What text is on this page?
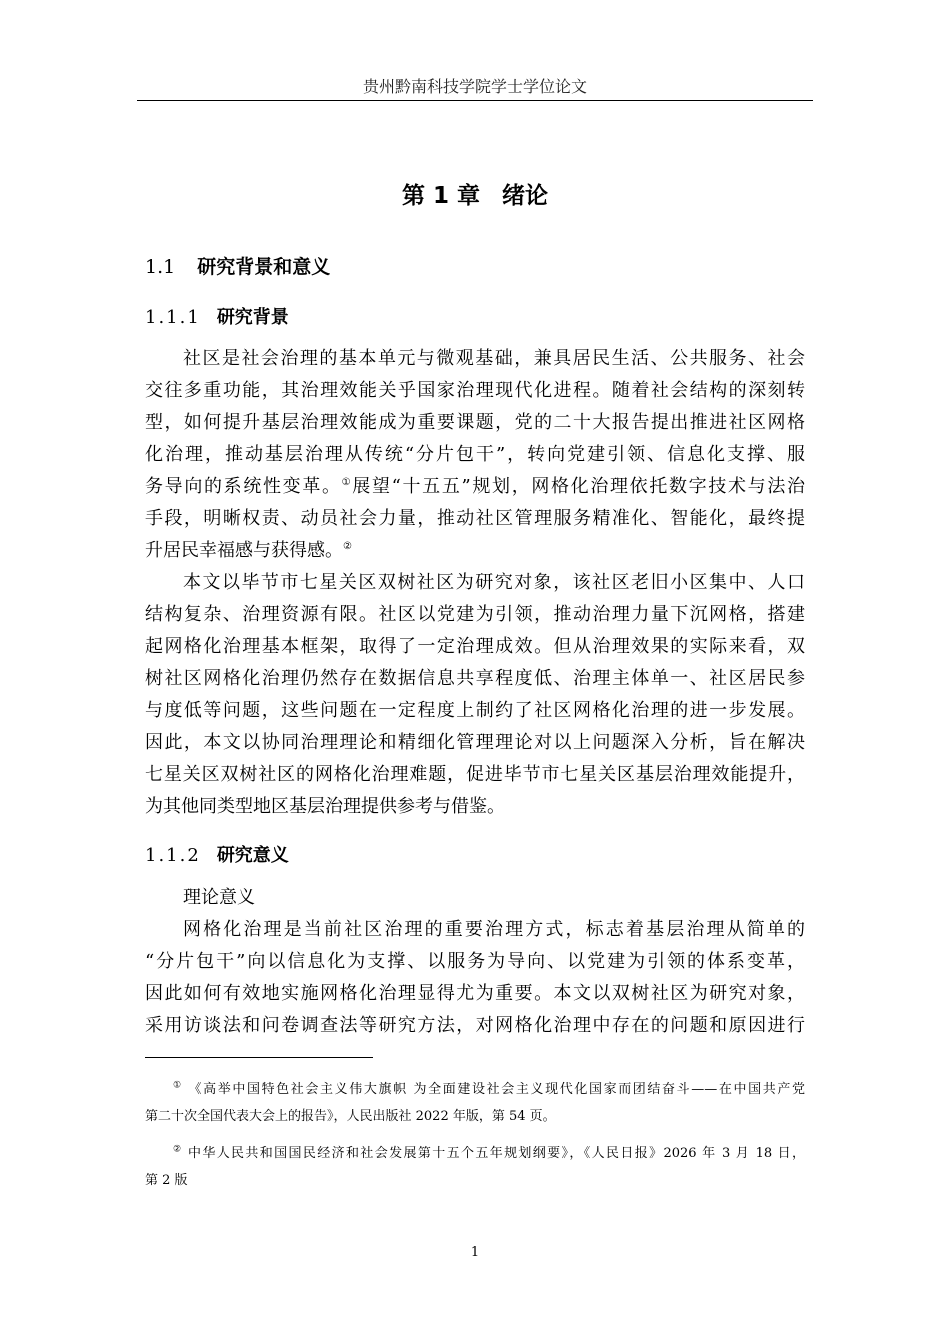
贵州黔南科技学院学士学位论文
第 1 章 绪论
1.1 研究背景和意义
1.1.1 研究背景
社区是社会治理的基本单元与微观基础，兼具居民生活、公共服务、社会
交往多重功能，其治理效能关乎国家治理现代化进程。随着社会结构的深刻转
型，如何提升基层治理效能成为重要课题，党的二十大报告提出推进社区网格
化治理，推动基层治理从传统“分片包干”，转向党建引领、信息化支撑、服
务导向的系统性变革。①展望“十五五”规划，网格化治理依托数字技术与法治
手段，明晰权责、动员社会力量，推动社区管理服务精准化、智能化，最终提
升居民幸福感与获得感。②
本文以毕节市七星关区双树社区为研究对象，该社区老旧小区集中、人口
结构复杂、治理资源有限。社区以党建为引领，推动治理力量下沉网格，搭建
起网格化治理基本框架，取得了一定治理成效。但从治理效果的实际来看，双
树社区网格化治理仍然存在数据信息共享程度低、治理主体单一、社区居民参
与度低等问题，这些问题在一定程度上制约了社区网格化治理的进一步发展。
因此，本文以协同治理理论和精细化管理理论对以上问题深入分析，旨在解决
七星关区双树社区的网格化治理难题，促进毕节市七星关区基层治理效能提升，
为其他同类型地区基层治理提供参考与借鉴。
1.1.2 研究意义
理论意义
网格化治理是当前社区治理的重要治理方式，标志着基层治理从简单的
“分片包干”向以信息化为支撑、以服务为导向、以党建为引领的体系变革，
因此如何有效地实施网格化治理显得尤为重要。本文以双树社区为研究对象，
采用访谈法和问卷调查法等研究方法，对网格化治理中存在的问题和原因进行
① 《高举中国特色社会主义伟大旗帜 为全面建设社会主义现代化国家而团结奋斗——在中国共产党
第二十次全国代表大会上的报告》，人民出版社 2022 年版，第 54 页。
② 中华人民共和国国民经济和社会发展第十五个五年规划纲要》，《人民日报》2026 年 3 月 18 日，
第 2 版
1
